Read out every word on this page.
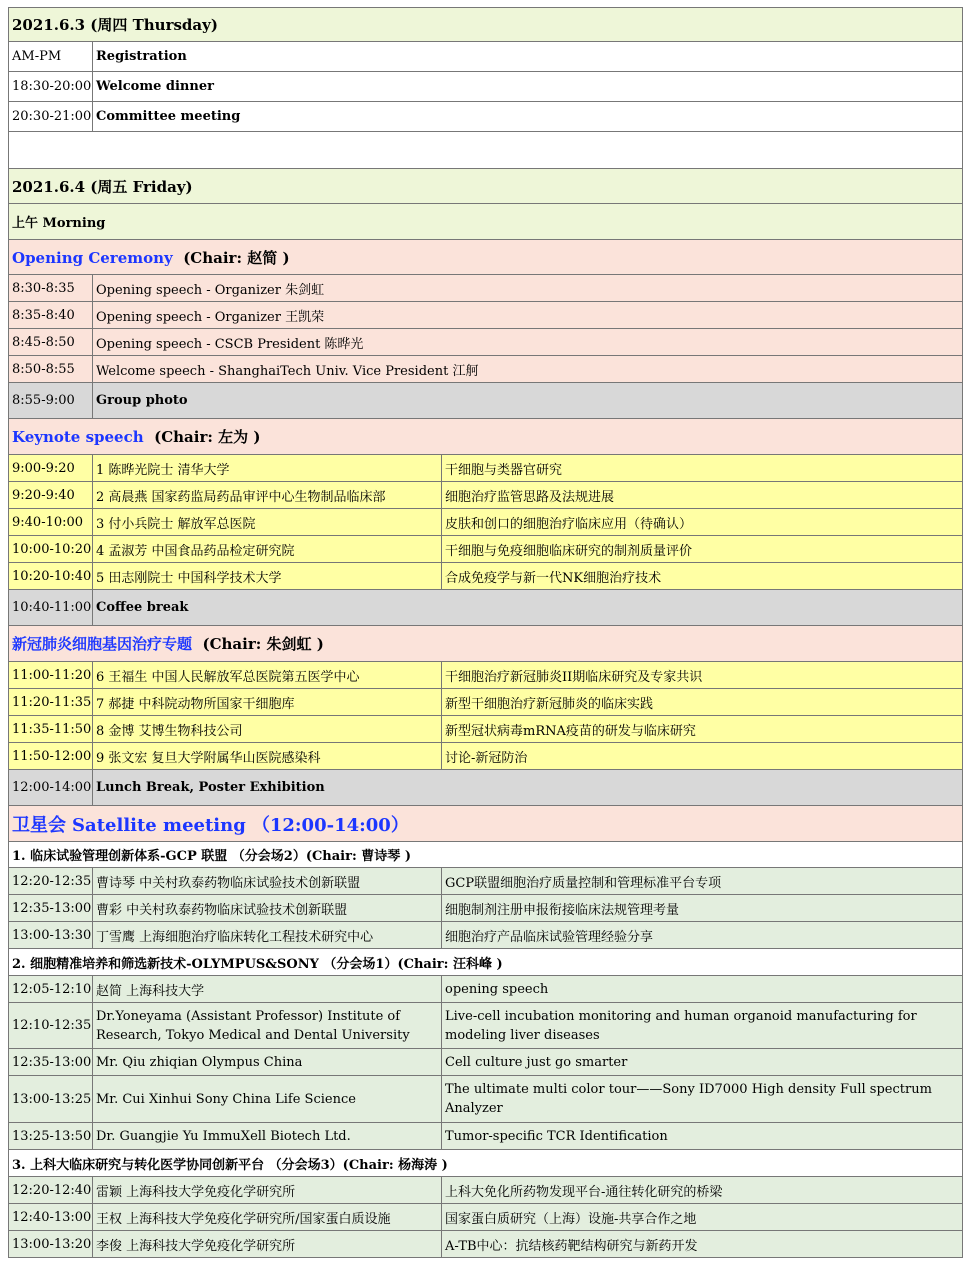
2021.6.3 (周四 Thursday)		
AM-PM	Registration	
18:30-20:00	Welcome dinner	
20:30-21:00	Committee meeting	

2021.6.4 (周五 Friday)		
上午 Morning		
Opening Ceremony (Chair: 赵简 )		
8:30-8:35	Opening speech - Organizer 朱剑虹	
8:35-8:40	Opening speech - Organizer 王凯荣	
8:45-8:50	Opening speech - CSCB President 陈晔光	
8:50-8:55	Welcome speech - ShanghaiTech Univ. Vice President 江舸	
8:55-9:00	Group photo	
Keynote speech (Chair: 左为 )		
9:00-9:20	1 陈晔光院士 清华大学	干细胞与类器官研究
9:20-9:40	2 高晨燕 国家药监局药品审评中心生物制品临床部	细胞治疗监管思路及法规进展
9:40-10:00	3 付小兵院士 解放军总医院	皮肤和创口的细胞治疗临床应用（待确认）
10:00-10:20	4 孟淑芳 中国食品药品检定研究院	干细胞与免疫细胞临床研究的制剂质量评价
10:20-10:40	5 田志刚院士 中国科学技术大学	合成免疫学与新一代NK细胞治疗技术
10:40-11:00	Coffee break	
新冠肺炎细胞基因治疗专题 (Chair: 朱剑虹 )		
11:00-11:20	6 王福生 中国人民解放军总医院第五医学中心	干细胞治疗新冠肺炎II期临床研究及专家共识
11:20-11:35	7 郝捷 中科院动物所国家干细胞库	新型干细胞治疗新冠肺炎的临床实践
11:35-11:50	8 金博 艾博生物科技公司	新型冠状病毒mRNA疫苗的研发与临床研究
11:50-12:00	9 张文宏 复旦大学附属华山医院感染科	讨论-新冠防治
12:00-14:00	Lunch Break, Poster Exhibition	
卫星会 Satellite meeting （12:00-14:00）		
1. 临床试验管理创新体系-GCP 联盟 （分会场2）(Chair: 曹诗琴 )		
12:20-12:35	曹诗琴 中关村玖泰药物临床试验技术创新联盟	GCP联盟细胞治疗质量控制和管理标准平台专项
12:35-13:00	曹彩 中关村玖泰药物临床试验技术创新联盟	细胞制剂注册申报衔接临床法规管理考量
13:00-13:30	丁雪鹰 上海细胞治疗临床转化工程技术研究中心	细胞治疗产品临床试验管理经验分享
2. 细胞精准培养和筛选新技术-OLYMPUS&SONY （分会场1）(Chair: 汪科峰 )		
12:05-12:10	赵简 上海科技大学	opening speech
12:10-12:35	Dr.Yoneyama (Assistant Professor) Institute of Research, Tokyo Medical and Dental University	Live-cell incubation monitoring and human organoid manufacturing for modeling liver diseases
12:35-13:00	Mr. Qiu zhiqian Olympus China	Cell culture just go smarter
13:00-13:25	Mr. Cui Xinhui Sony China Life Science	The ultimate multi color tour——Sony ID7000 High density Full spectrum Analyzer
13:25-13:50	Dr. Guangjie Yu ImmuXell Biotech Ltd.	Tumor-specific TCR Identification
3. 上科大临床研究与转化医学协同创新平台 （分会场3）(Chair: 杨海涛 )		
12:20-12:40	雷颖 上海科技大学免疫化学研究所	上科大免化所药物发现平台-通往转化研究的桥梁
12:40-13:00	王权 上海科技大学免疫化学研究所/国家蛋白质设施	国家蛋白质研究（上海）设施-共享合作之地
13:00-13:20	李俊 上海科技大学免疫化学研究所	A-TB中心：抗结核药靶结构研究与新药开发
